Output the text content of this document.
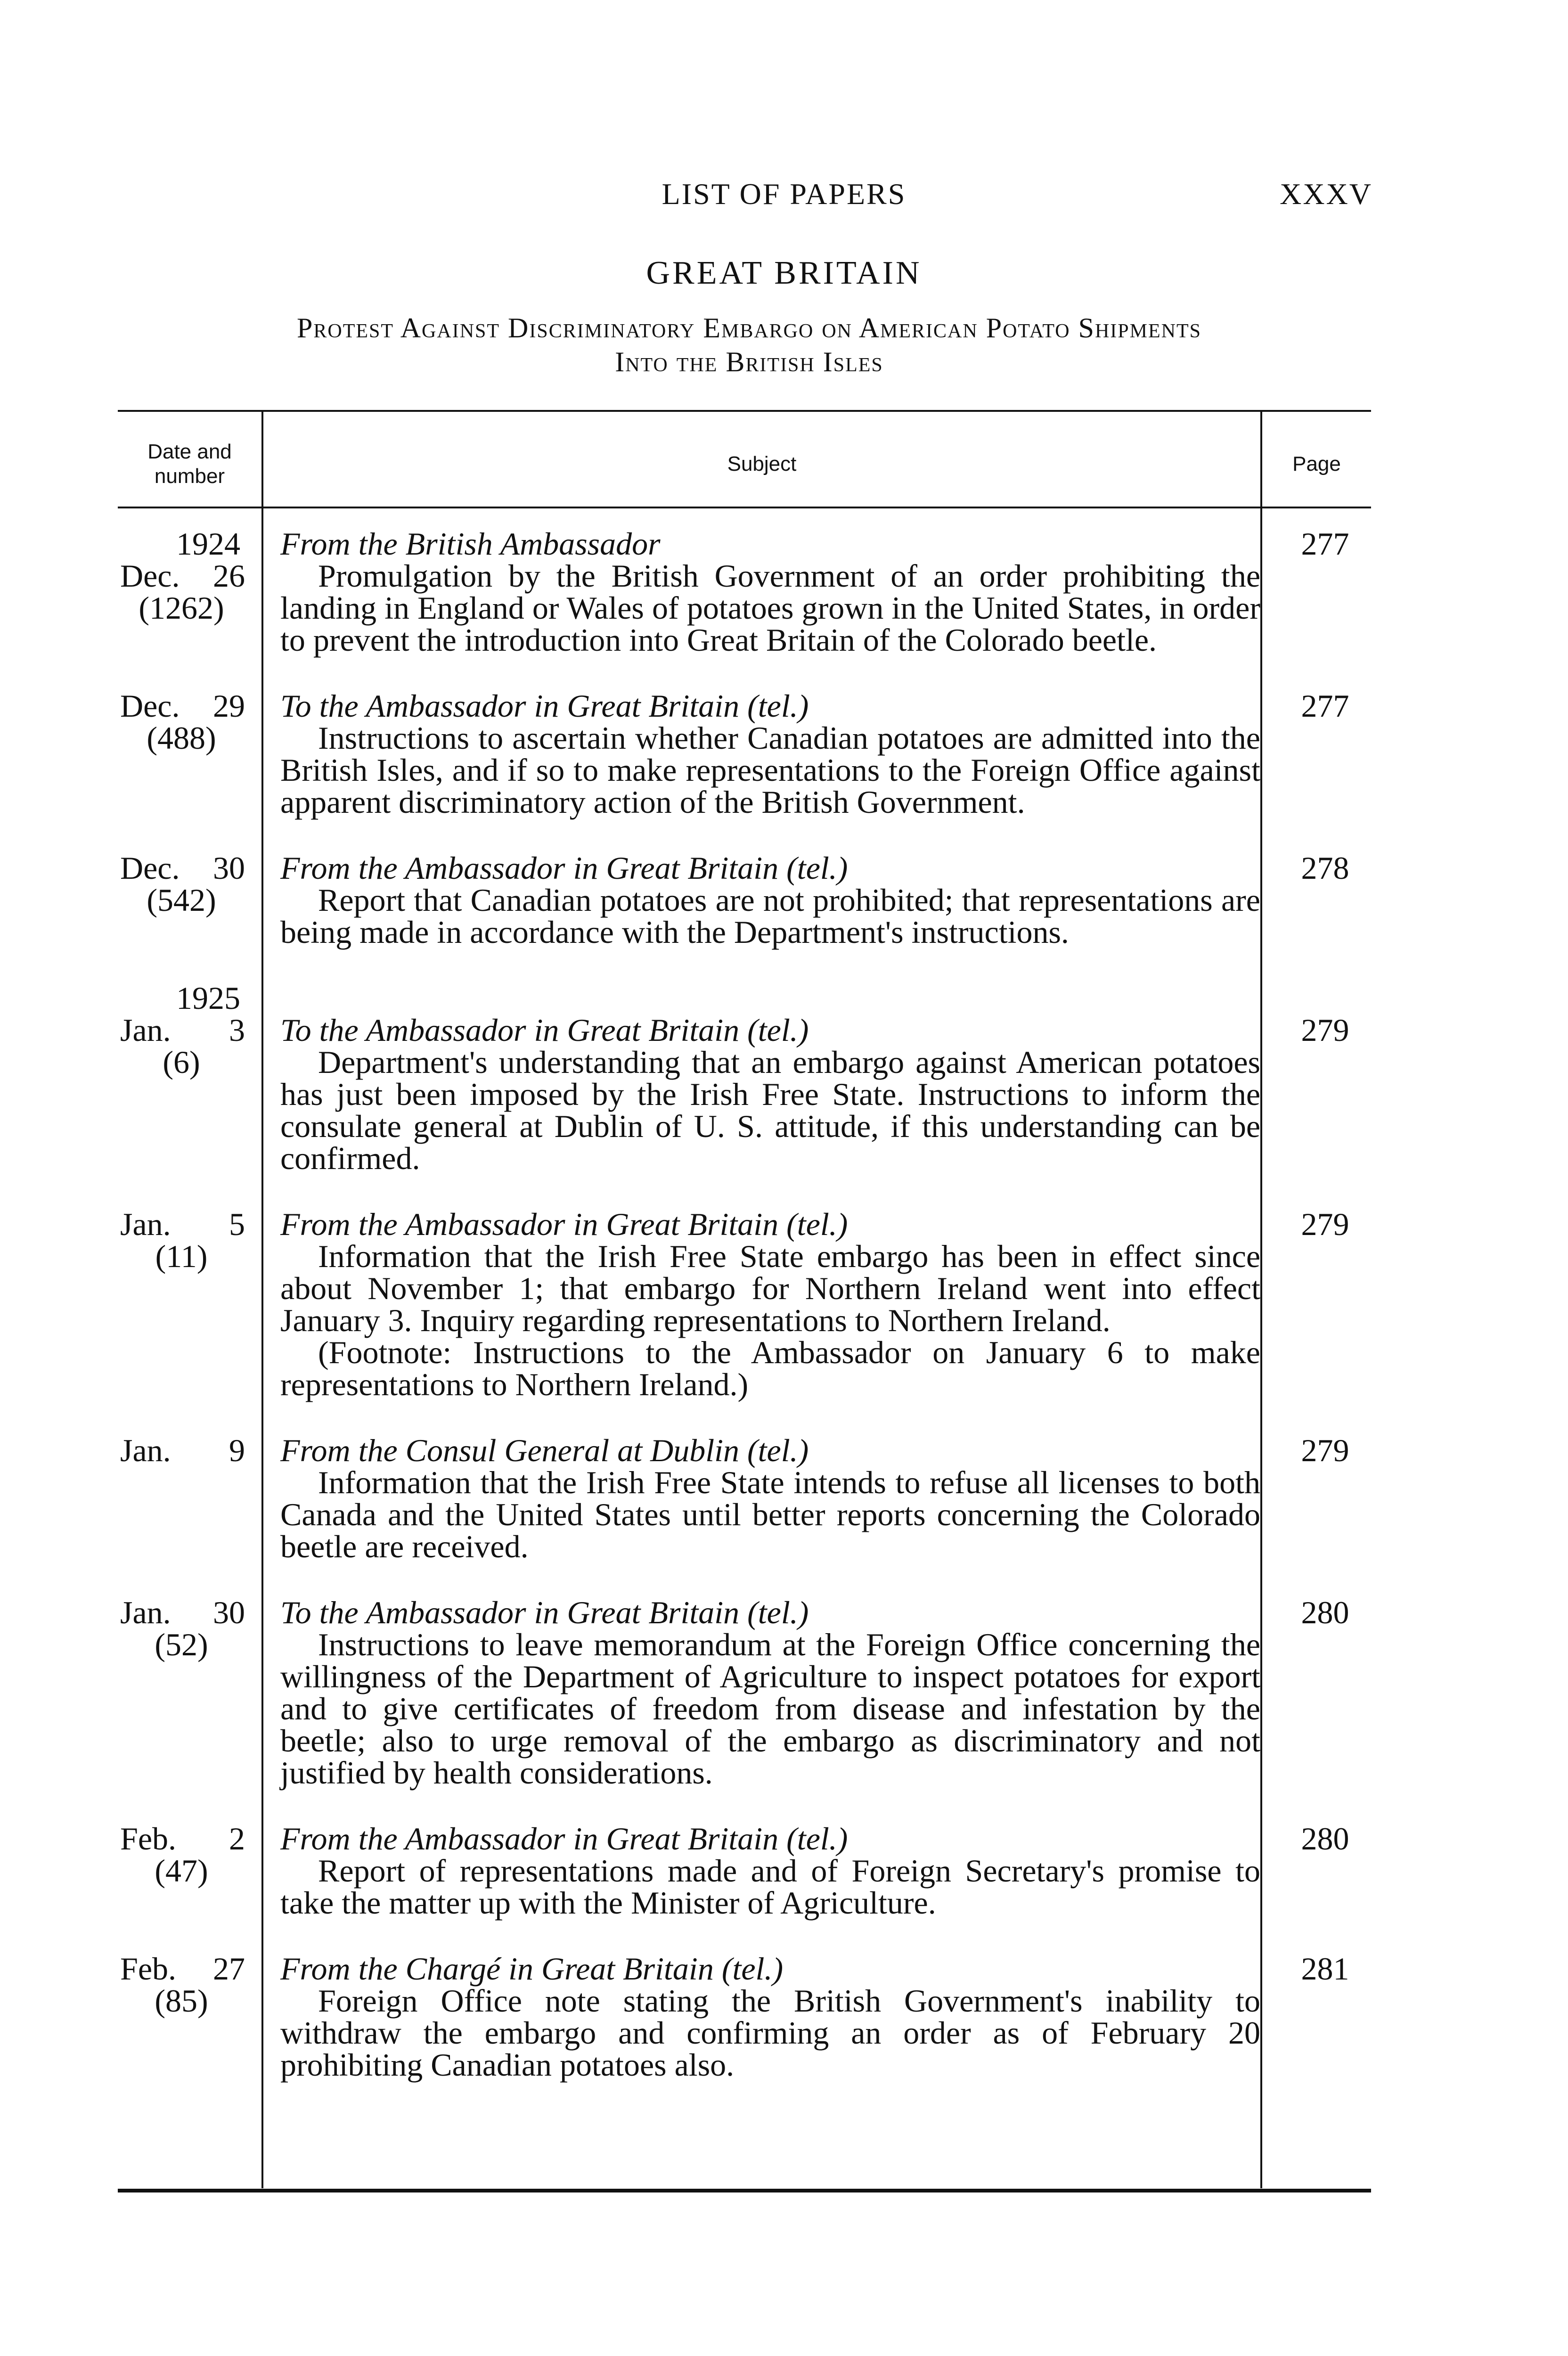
LIST OF PAPERS	XXXV
GREAT BRITAIN
Protest Against Discriminatory Embargo on American Potato Shipments
Into the British Isles
Date and
number
Subject	Page
1924
Dec. 26
(1262)
From the British Ambassador
Promulgation by the British Government of an order prohibiting the landing in England or Wales of potatoes grown in the United States, in order to prevent the introduction into Great Britain of the Colorado beetle.
277
Dec. 29
(488)
To the Ambassador in Great Britain (tel.)
Instructions to ascertain whether Canadian potatoes are admitted into the British Isles, and if so to make representations to the Foreign Office against apparent discriminatory action of the British Government.
277
Dec. 30
(542)
From the Ambassador in Great Britain (tel.)
Report that Canadian potatoes are not prohibited; that representations are being made in accordance with the Department's instructions.
278
1925
Jan. 3
(6)
To the Ambassador in Great Britain (tel.)
Department's understanding that an embargo against American potatoes has just been imposed by the Irish Free State. Instructions to inform the consulate general at Dublin of U. S. attitude, if this understanding can be confirmed.
279
Jan. 5
(11)
From the Ambassador in Great Britain (tel.)
Information that the Irish Free State embargo has been in effect since about November 1; that embargo for Northern Ireland went into effect January 3. Inquiry regarding representations to Northern Ireland.
(Footnote: Instructions to the Ambassador on January 6 to make representations to Northern Ireland.)
279
Jan. 9 From the Consul General at Dublin (tel.)
Information that the Irish Free State intends to refuse all licenses to both Canada and the United States until better reports concerning the Colorado beetle are received.
279
Jan. 30
(52)
To the Ambassador in Great Britain (tel.)
Instructions to leave memorandum at the Foreign Office concerning the willingness of the Department of Agriculture to inspect potatoes for export and to give certificates of freedom from disease and infestation by the beetle; also to urge removal of the embargo as discriminatory and not justified by health considerations.
280
Feb. 2
(47)
From the Ambassador in Great Britain (tel.)
Report of representations made and of Foreign Secretary's promise to take the matter up with the Minister of Agriculture.
280
Feb. 27
(85)
From the Chargé in Great Britain (tel.)
Foreign Office note stating the British Government's inability to withdraw the embargo and confirming an order as of February 20 prohibiting Canadian potatoes also.
281
